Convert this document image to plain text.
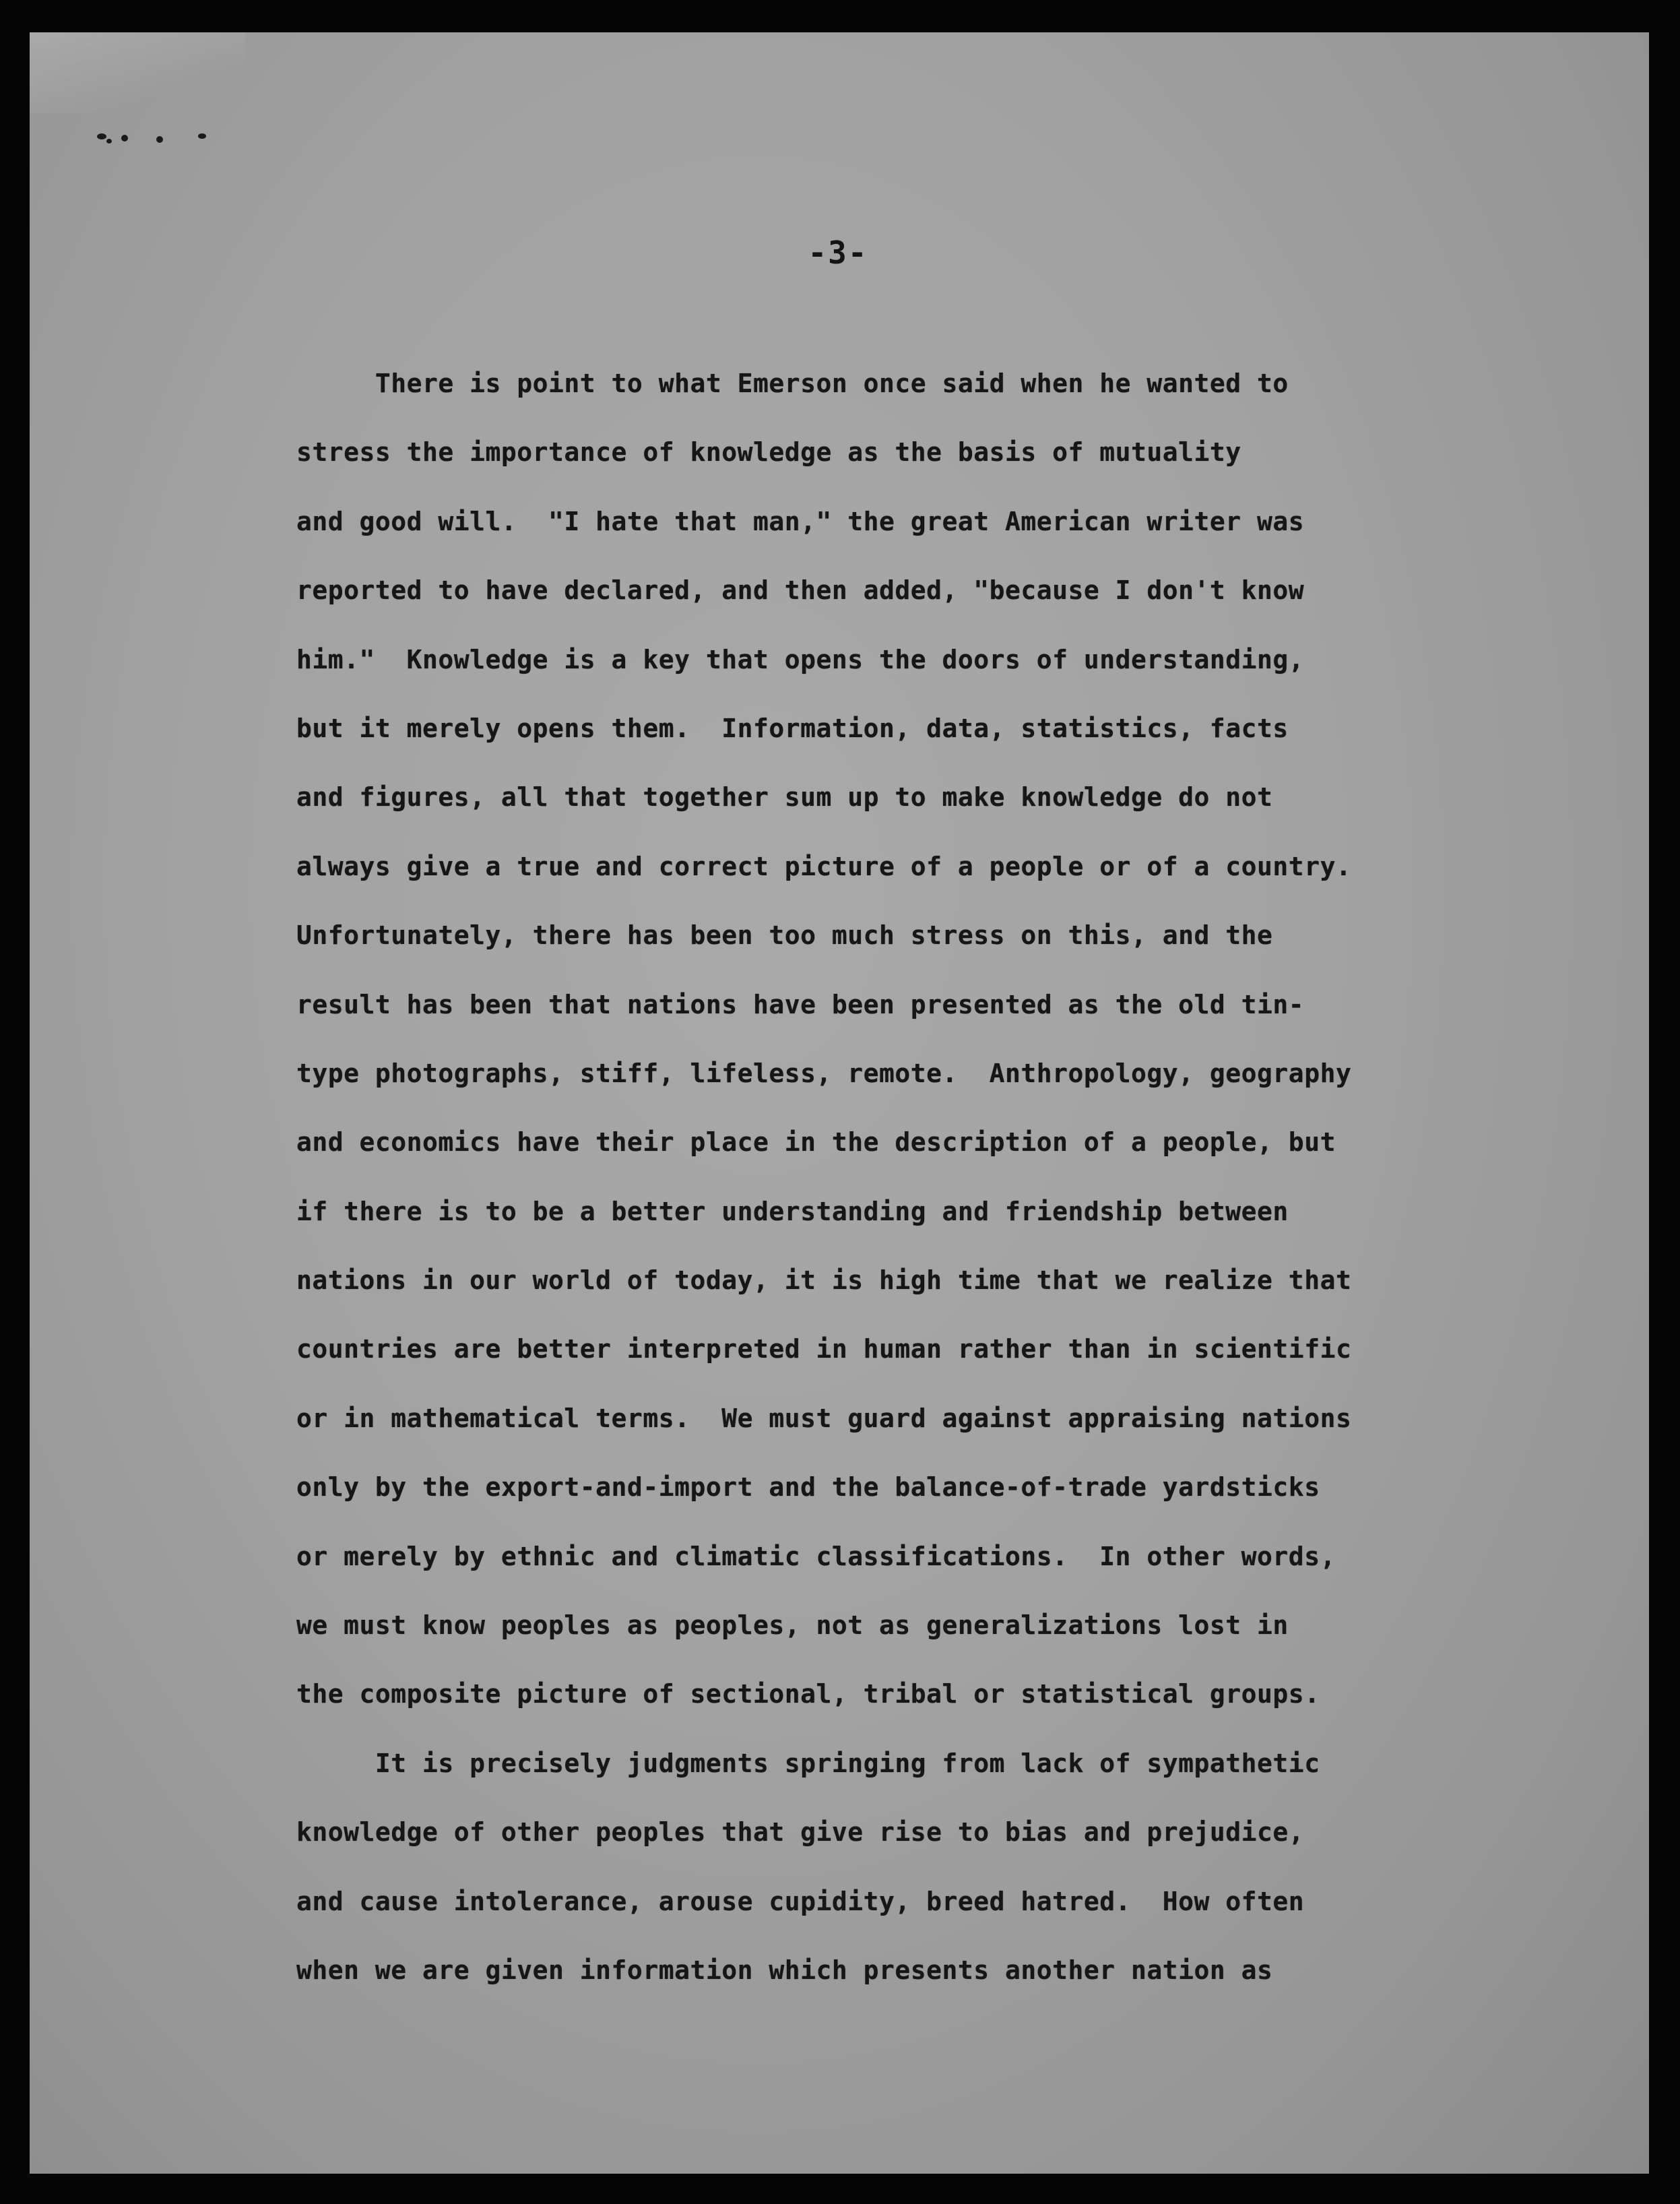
-3-
There is point to what Emerson once said when he wanted to
stress the importance of knowledge as the basis of mutuality
and good will.  "I hate that man," the great American writer was
reported to have declared, and then added, "because I don't know
him."  Knowledge is a key that opens the doors of understanding,
but it merely opens them.  Information, data, statistics, facts
and figures, all that together sum up to make knowledge do not
always give a true and correct picture of a people or of a country.
Unfortunately, there has been too much stress on this, and the
result has been that nations have been presented as the old tin-
type photographs, stiff, lifeless, remote.  Anthropology, geography
and economics have their place in the description of a people, but
if there is to be a better understanding and friendship between
nations in our world of today, it is high time that we realize that
countries are better interpreted in human rather than in scientific
or in mathematical terms.  We must guard against appraising nations
only by the export-and-import and the balance-of-trade yardsticks
or merely by ethnic and climatic classifications.  In other words,
we must know peoples as peoples, not as generalizations lost in
the composite picture of sectional, tribal or statistical groups.
It is precisely judgments springing from lack of sympathetic
knowledge of other peoples that give rise to bias and prejudice,
and cause intolerance, arouse cupidity, breed hatred.  How often
when we are given information which presents another nation as
